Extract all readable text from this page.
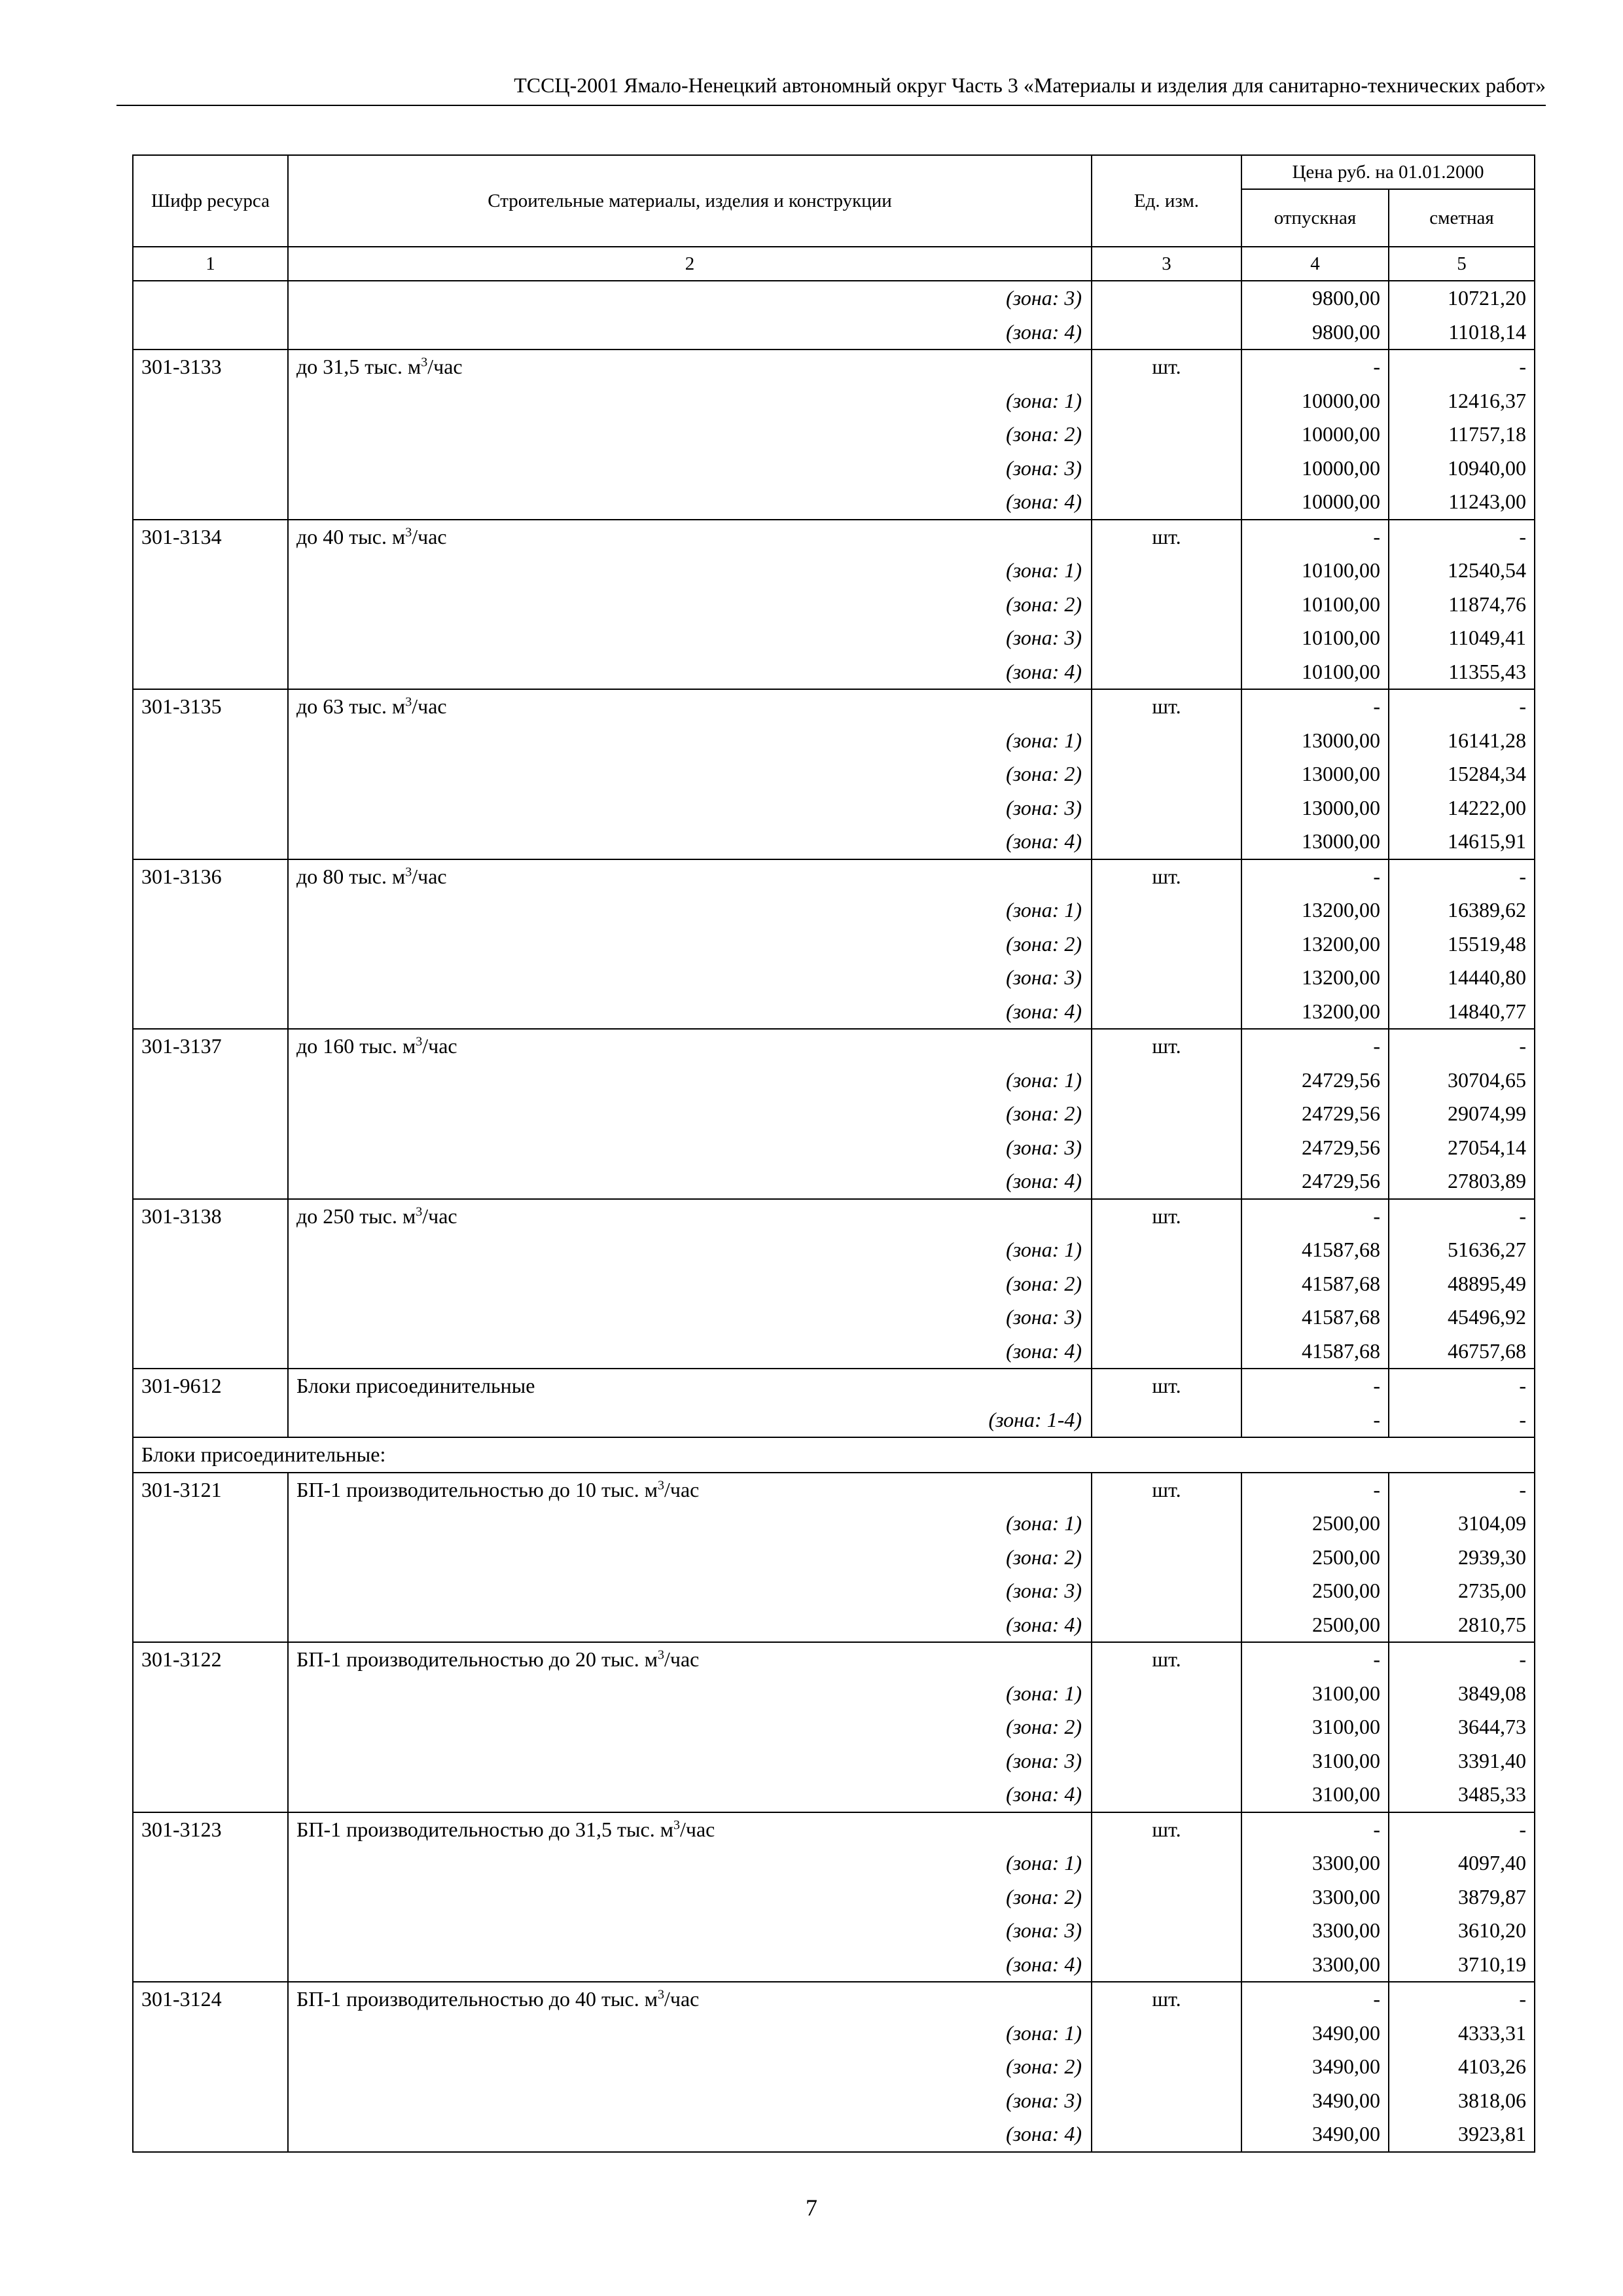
ТССЦ-2001 Ямало-Ненецкий автономный округ Часть 3 «Материалы и изделия для санитарно-технических работ»
Шифр ресурса	Строительные материалы, изделия и конструкции	Ед. изм.	Цена руб. на 01.01.2000	
			отпускная	сметная
1	2	3	4	5

	(зона: 3)		9800,00	10721,20

	(зона: 4)		9800,00	11018,14
301-3133	до 31,5 тыс. $м^3$/час	шт.	-	-

	(зона: 1)		10000,00	12416,37

	(зона: 2)		10000,00	11757,18

	(зона: 3)		10000,00	10940,00

	(зона: 4)		10000,00	11243,00
301-3134	до 40 тыс. $м^3$/час	шт.	-	-

	(зона: 1)		10100,00	12540,54

	(зона: 2)		10100,00	11874,76

	(зона: 3)		10100,00	11049,41

	(зона: 4)		10100,00	11355,43
301-3135	до 63 тыс. $м^3$/час	шт.	-	-

	(зона: 1)		13000,00	16141,28

	(зона: 2)		13000,00	15284,34

	(зона: 3)		13000,00	14222,00

	(зона: 4)		13000,00	14615,91
301-3136	до 80 тыс. $м^3$/час	шт.	-	-

	(зона: 1)		13200,00	16389,62

	(зона: 2)		13200,00	15519,48

	(зона: 3)		13200,00	14440,80

	(зона: 4)		13200,00	14840,77
301-3137	до 160 тыс. $м^3$/час	шт.	-	-

	(зона: 1)		24729,56	30704,65

	(зона: 2)		24729,56	29074,99

	(зона: 3)		24729,56	27054,14

	(зона: 4)		24729,56	27803,89
301-3138	до 250 тыс. $м^3$/час	шт.	-	-

	(зона: 1)		41587,68	51636,27

	(зона: 2)		41587,68	48895,49

	(зона: 3)		41587,68	45496,92

	(зона: 4)		41587,68	46757,68
301-9612	Блоки присоединительные	шт.	-	-

	(зона: 1-4)		-	-
Блоки присоединительные:				
301-3121	БП-1 производительностью до 10 тыс. $м^3$/час	шт.	-	-

	(зона: 1)		2500,00	3104,09

	(зона: 2)		2500,00	2939,30

	(зона: 3)		2500,00	2735,00

	(зона: 4)		2500,00	2810,75
301-3122	БП-1 производительностью до 20 тыс. $м^3$/час	шт.	-	-

	(зона: 1)		3100,00	3849,08

	(зона: 2)		3100,00	3644,73

	(зона: 3)		3100,00	3391,40

	(зона: 4)		3100,00	3485,33
301-3123	БП-1 производительностью до 31,5 тыс. $м^3$/час	шт.	-	-

	(зона: 1)		3300,00	4097,40

	(зона: 2)		3300,00	3879,87

	(зона: 3)		3300,00	3610,20

	(зона: 4)		3300,00	3710,19
301-3124	БП-1 производительностью до 40 тыс. $м^3$/час	шт.	-	-

	(зона: 1)		3490,00	4333,31

	(зона: 2)		3490,00	4103,26

	(зона: 3)		3490,00	3818,06

	(зона: 4)		3490,00	3923,81
7
